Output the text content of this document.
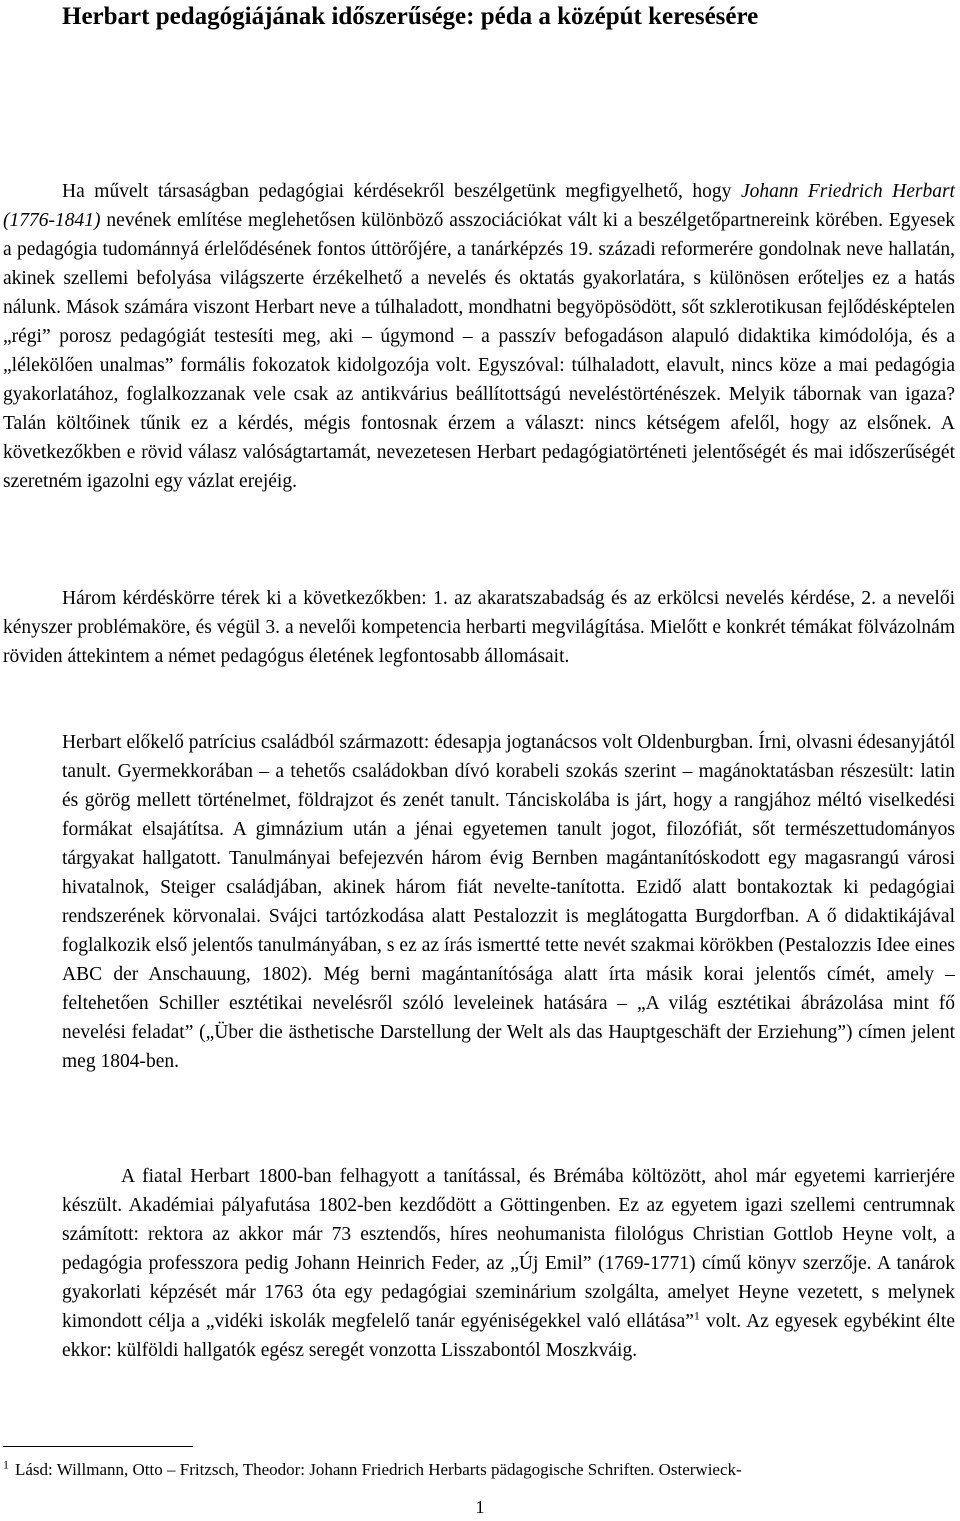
Herbart pedagógiájának időszerűsége: péda a középút keresésére

Ha művelt társaságban pedagógiai kérdésekről beszélgetünk megfigyelhető, hogy Johann Friedrich Herbart (1776-1841) nevének említése meglehetősen különböző asszociációkat vált ki a beszélgetőpartnereink körében. Egyesek a pedagógia tudománnyá érlelődésének fontos úttörőjére, a tanárképzés 19. századi reformerére gondolnak neve hallatán, akinek szellemi befolyása világszerte érzékelhető a nevelés és oktatás gyakorlatára, s különösen erőteljes ez a hatás nálunk. Mások számára viszont Herbart neve a túlhaladott, mondhatni begyöpösödött, sőt szklerotikusan fejlődésképtelen „régi” porosz pedagógiát testesíti meg, aki – úgymond – a passzív befogadáson alapuló didaktika kimódolója, és a „lélekölően unalmas” formális fokozatok kidolgozója volt. Egyszóval: túlhaladott, elavult, nincs köze a mai pedagógia gyakorlatához, foglalkozzanak vele csak az antikvárius beállítottságú neveléstörténészek. Melyik tábornak van igaza? Talán költőinek tűnik ez a kérdés, mégis fontosnak érzem a választ: nincs kétségem afelől, hogy az elsőnek. A következőkben e rövid válasz valóságtartamát, nevezetesen Herbart pedagógiatörténeti jelentőségét és mai időszerűségét szeretném igazolni egy vázlat erejéig.

Három kérdéskörre térek ki a következőkben: 1. az akaratszabadság és az erkölcsi nevelés kérdése, 2. a nevelői kényszer problémaköre, és végül 3. a nevelői kompetencia herbarti megvilágítása. Mielőtt e konkrét témákat fölvázolnám röviden áttekintem a német pedagógus életének legfontosabb állomásait.

Herbart előkelő patrícius családból származott: édesapja jogtanácsos volt Oldenburgban. Írni, olvasni édesanyjától tanult. Gyermekkorában – a tehetős családokban dívó korabeli szokás szerint – magánoktatásban részesült: latin és görög mellett történelmet, földrajzot és zenét tanult. Tánciskolába is járt, hogy a rangjához méltó viselkedési formákat elsajátítsa. A gimnázium után a jénai egyetemen tanult jogot, filozófiát, sőt természettudományos tárgyakat hallgatott. Tanulmányai befejezvén három évig Bernben magántanítóskodott egy magasrangú városi hivatalnok, Steiger családjában, akinek három fiát nevelte-tanította. Ezidő alatt bontakoztak ki pedagógiai rendszerének körvonalai. Svájci tartózkodása alatt Pestalozzit is meglátogatta Burgdorfban. A ő didaktikájával foglalkozik első jelentős tanulmányában, s ez az írás ismertté tette nevét szakmai körökben (Pestalozzis Idee eines ABC der Anschauung, 1802). Még berni magántanítósága alatt írta másik korai jelentős címét, amely – feltehetően Schiller esztétikai nevelésről szóló leveleinek hatására – „A világ esztétikai ábrázolása mint fő nevelési feladat” („Über die ästhetische Darstellung der Welt als das Hauptgeschäft der Erziehung”) címen jelent meg 1804-ben.

A fiatal Herbart 1800-ban felhagyott a tanítással, és Brémába költözött, ahol már egyetemi karrierjére készült. Akadémiai pályafutása 1802-ben kezdődött a Göttingenben. Ez az egyetem igazi szellemi centrumnak számított: rektora az akkor már 73 esztendős, híres neohumanista filológus Christian Gottlob Heyne volt, a pedagógia professzora pedig Johann Heinrich Feder, az „Új Emil” (1769-1771) című könyv szerzője. A tanárok gyakorlati képzését már 1763 óta egy pedagógiai szeminárium szolgálta, amelyet Heyne vezetett, s melynek kimondott célja a „vidéki iskolák megfelelő tanár egyéniségekkel való ellátása”$^1$ volt. Az egyesek egybékint élte ekkor: külföldi hallgatók egész seregét vonzotta Lisszabontól Moszkváig.

$^1$ Lásd: Willmann, Otto – Fritzsch, Theodor: Johann Friedrich Herbarts pädagogische Schriften. Osterwieck-

1
